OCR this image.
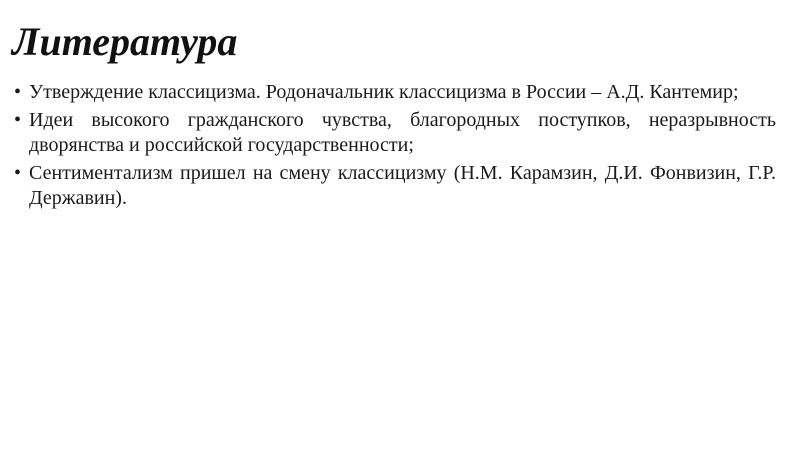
Литература
• Утверждение классицизма. Родоначальник классицизма в России – А.Д. Кантемир;
• Идеи высокого гражданского чувства, благородных поступков, неразрывность дворянства и российской государственности;
• Сентиментализм пришел на смену классицизму (Н.М. Карамзин, Д.И. Фонвизин, Г.Р. Державин).
